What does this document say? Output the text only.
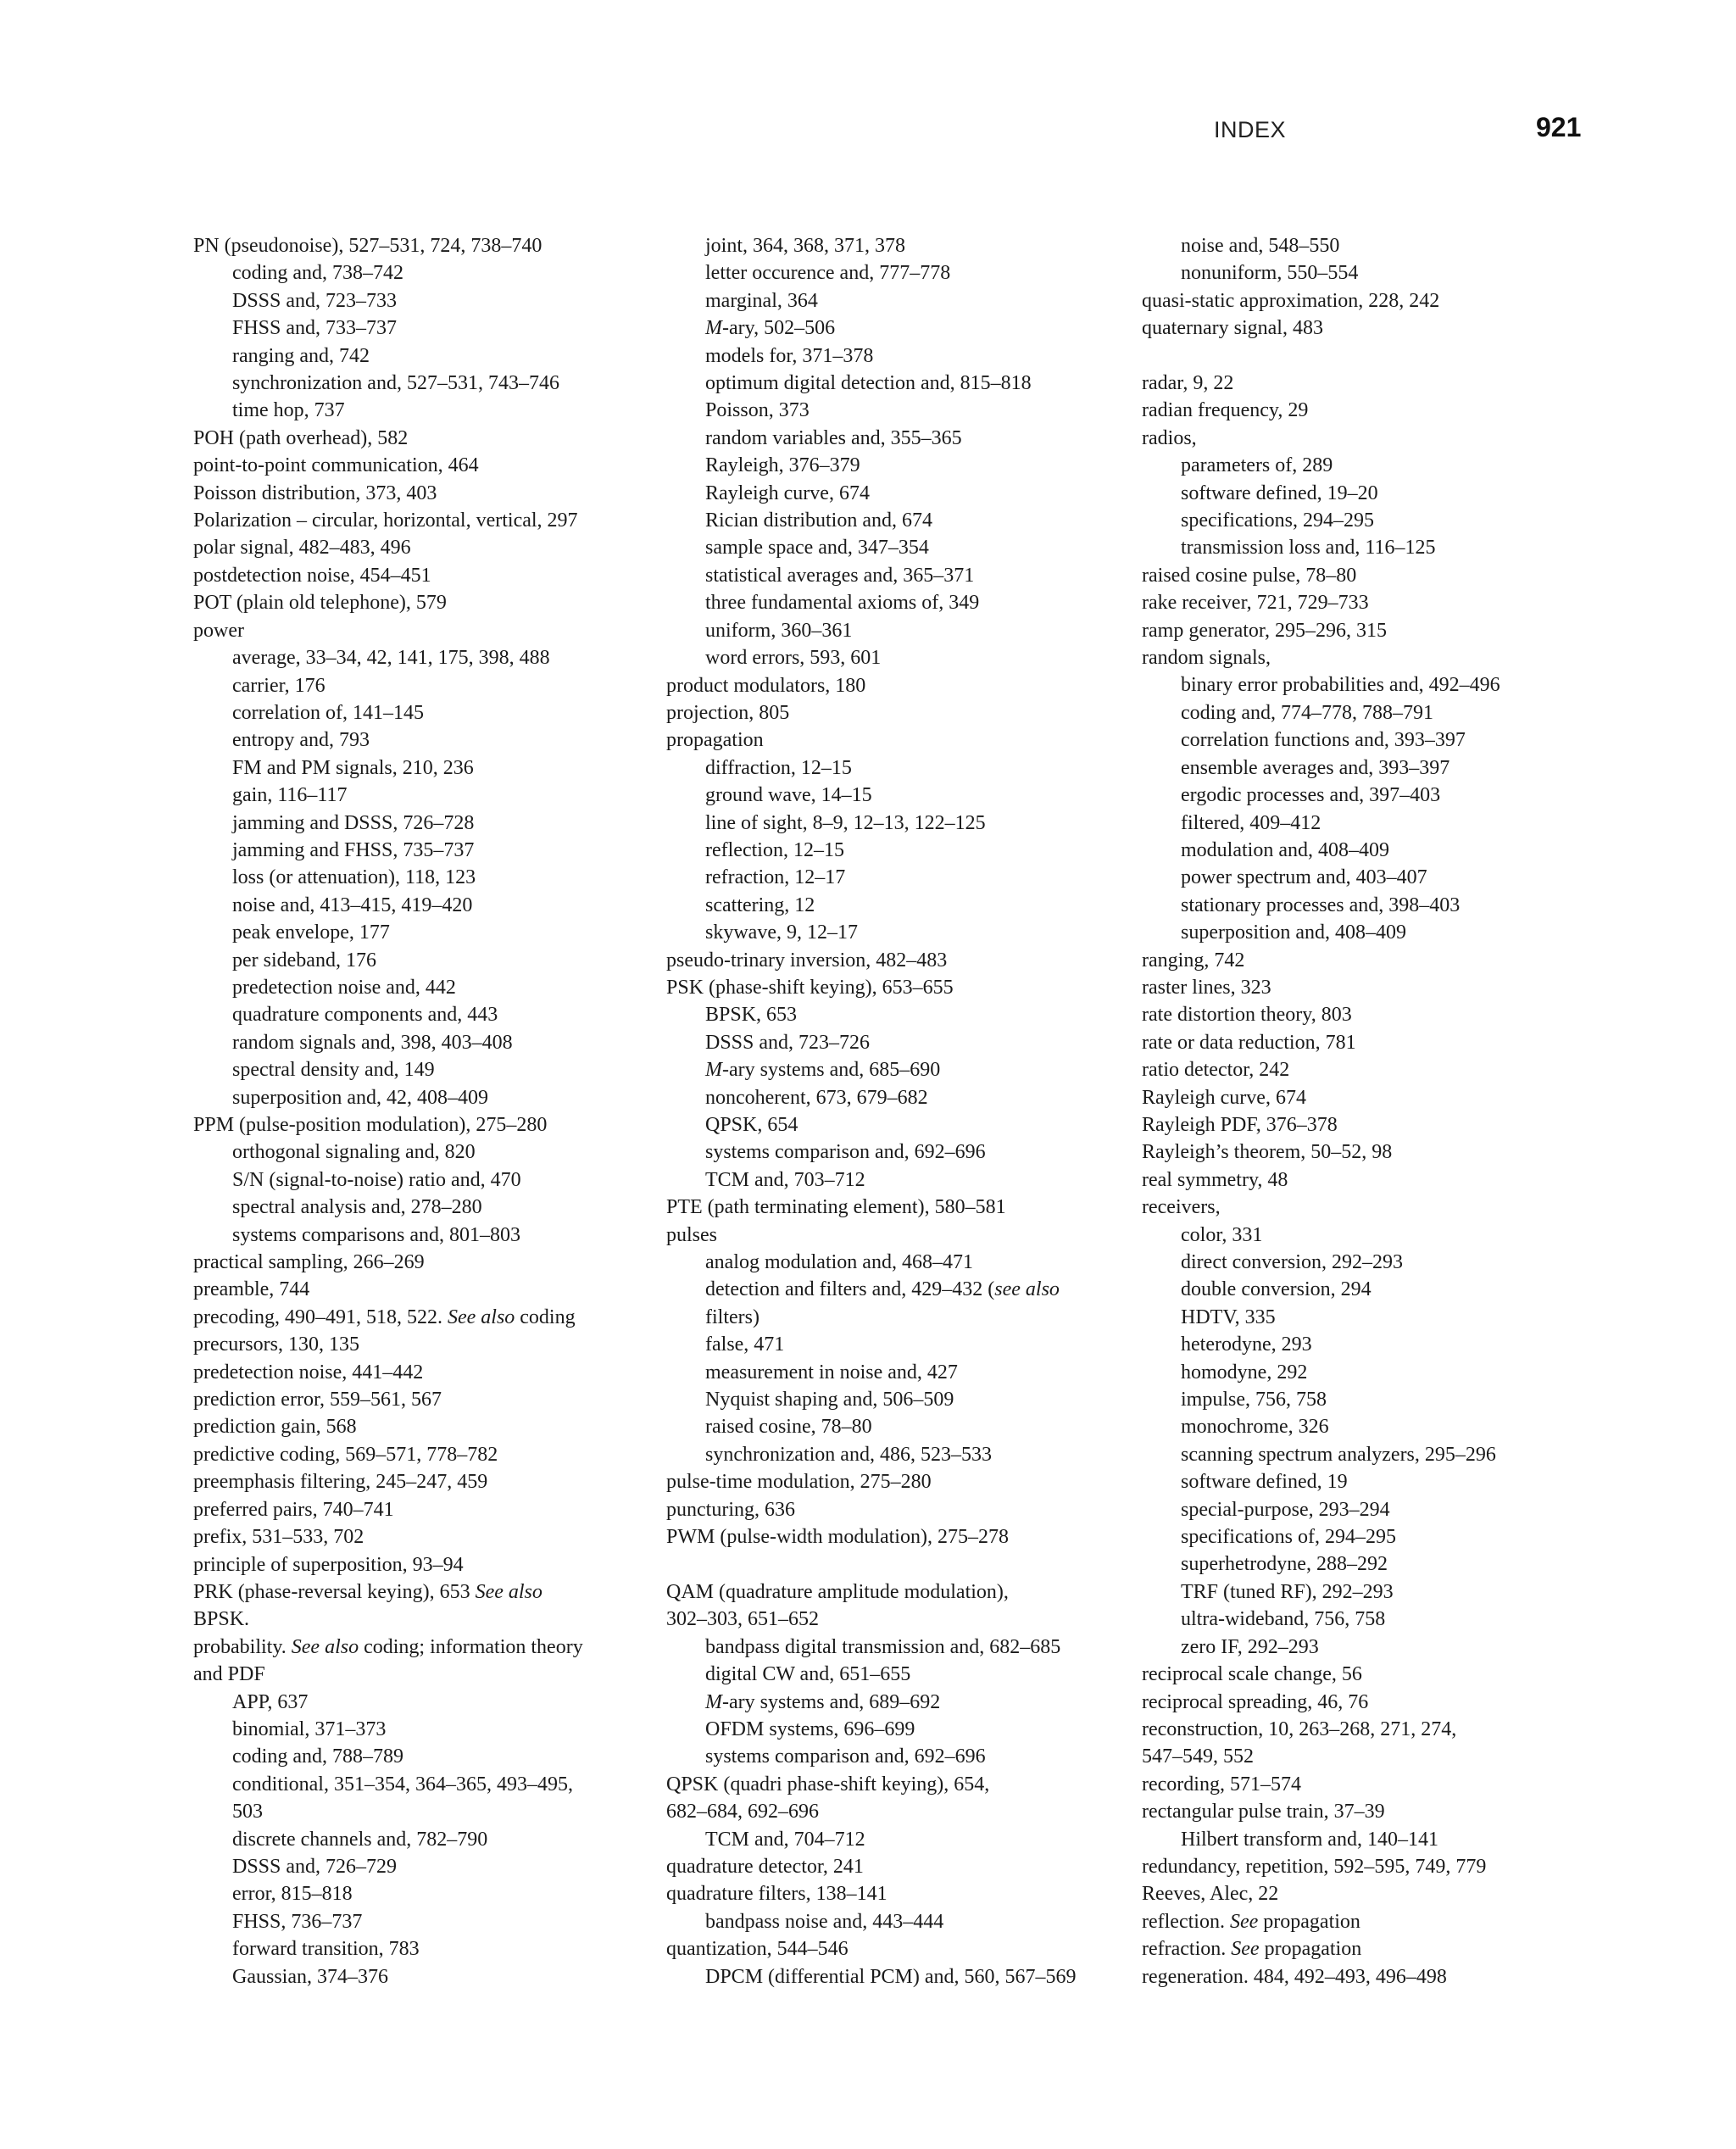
INDEX	921
PN (pseudonoise), 527–531, 724, 738–740
coding and, 738–742
DSSS and, 723–733
FHSS and, 733–737
ranging and, 742
synchronization and, 527–531, 743–746
time hop, 737
POH (path overhead), 582
point-to-point communication, 464
Poisson distribution, 373, 403
Polarization – circular, horizontal, vertical, 297
polar signal, 482–483, 496
postdetection noise, 454–451
POT (plain old telephone), 579
power
average, 33–34, 42, 141, 175, 398, 488
carrier, 176
correlation of, 141–145
entropy and, 793
FM and PM signals, 210, 236
gain, 116–117
jamming and DSSS, 726–728
jamming and FHSS, 735–737
loss (or attenuation), 118, 123
noise and, 413–415, 419–420
peak envelope, 177
per sideband, 176
predetection noise and, 442
quadrature components and, 443
random signals and, 398, 403–408
spectral density and, 149
superposition and, 42, 408–409
PPM (pulse-position modulation), 275–280
orthogonal signaling and, 820
S/N (signal-to-noise) ratio and, 470
spectral analysis and, 278–280
systems comparisons and, 801–803
practical sampling, 266–269
preamble, 744
precoding, 490–491, 518, 522. See also coding
precursors, 130, 135
predetection noise, 441–442
prediction error, 559–561, 567
prediction gain, 568
predictive coding, 569–571, 778–782
preemphasis filtering, 245–247, 459
preferred pairs, 740–741
prefix, 531–533, 702
principle of superposition, 93–94
PRK (phase-reversal keying), 653 See also
BPSK.
probability. See also coding; information theory
and PDF
APP, 637
binomial, 371–373
coding and, 788–789
conditional, 351–354, 364–365, 493–495,
503
discrete channels and, 782–790
DSSS and, 726–729
error, 815–818
FHSS, 736–737
forward transition, 783
Gaussian, 374–376
joint, 364, 368, 371, 378
letter occurence and, 777–778
marginal, 364
M-ary, 502–506
models for, 371–378
optimum digital detection and, 815–818
Poisson, 373
random variables and, 355–365
Rayleigh, 376–379
Rayleigh curve, 674
Rician distribution and, 674
sample space and, 347–354
statistical averages and, 365–371
three fundamental axioms of, 349
uniform, 360–361
word errors, 593, 601
product modulators, 180
projection, 805
propagation
diffraction, 12–15
ground wave, 14–15
line of sight, 8–9, 12–13, 122–125
reflection, 12–15
refraction, 12–17
scattering, 12
skywave, 9, 12–17
pseudo-trinary inversion, 482–483
PSK (phase-shift keying), 653–655
BPSK, 653
DSSS and, 723–726
M-ary systems and, 685–690
noncoherent, 673, 679–682
QPSK, 654
systems comparison and, 692–696
TCM and, 703–712
PTE (path terminating element), 580–581
pulses
analog modulation and, 468–471
detection and filters and, 429–432 (see also
filters)
false, 471
measurement in noise and, 427
Nyquist shaping and, 506–509
raised cosine, 78–80
synchronization and, 486, 523–533
pulse-time modulation, 275–280
puncturing, 636
PWM (pulse-width modulation), 275–278
QAM (quadrature amplitude modulation),
302–303, 651–652
bandpass digital transmission and, 682–685
digital CW and, 651–655
M-ary systems and, 689–692
OFDM systems, 696–699
systems comparison and, 692–696
QPSK (quadri phase-shift keying), 654,
682–684, 692–696
TCM and, 704–712
quadrature detector, 241
quadrature filters, 138–141
bandpass noise and, 443–444
quantization, 544–546
DPCM (differential PCM) and, 560, 567–569
noise and, 548–550
nonuniform, 550–554
quasi-static approximation, 228, 242
quaternary signal, 483
radar, 9, 22
radian frequency, 29
radios,
parameters of, 289
software defined, 19–20
specifications, 294–295
transmission loss and, 116–125
raised cosine pulse, 78–80
rake receiver, 721, 729–733
ramp generator, 295–296, 315
random signals,
binary error probabilities and, 492–496
coding and, 774–778, 788–791
correlation functions and, 393–397
ensemble averages and, 393–397
ergodic processes and, 397–403
filtered, 409–412
modulation and, 408–409
power spectrum and, 403–407
stationary processes and, 398–403
superposition and, 408–409
ranging, 742
raster lines, 323
rate distortion theory, 803
rate or data reduction, 781
ratio detector, 242
Rayleigh curve, 674
Rayleigh PDF, 376–378
Rayleigh’s theorem, 50–52, 98
real symmetry, 48
receivers,
color, 331
direct conversion, 292–293
double conversion, 294
HDTV, 335
heterodyne, 293
homodyne, 292
impulse, 756, 758
monochrome, 326
scanning spectrum analyzers, 295–296
software defined, 19
special-purpose, 293–294
specifications of, 294–295
superhetrodyne, 288–292
TRF (tuned RF), 292–293
ultra-wideband, 756, 758
zero IF, 292–293
reciprocal scale change, 56
reciprocal spreading, 46, 76
reconstruction, 10, 263–268, 271, 274,
547–549, 552
recording, 571–574
rectangular pulse train, 37–39
Hilbert transform and, 140–141
redundancy, repetition, 592–595, 749, 779
Reeves, Alec, 22
reflection. See propagation
refraction. See propagation
regeneration. 484, 492–493, 496–498
